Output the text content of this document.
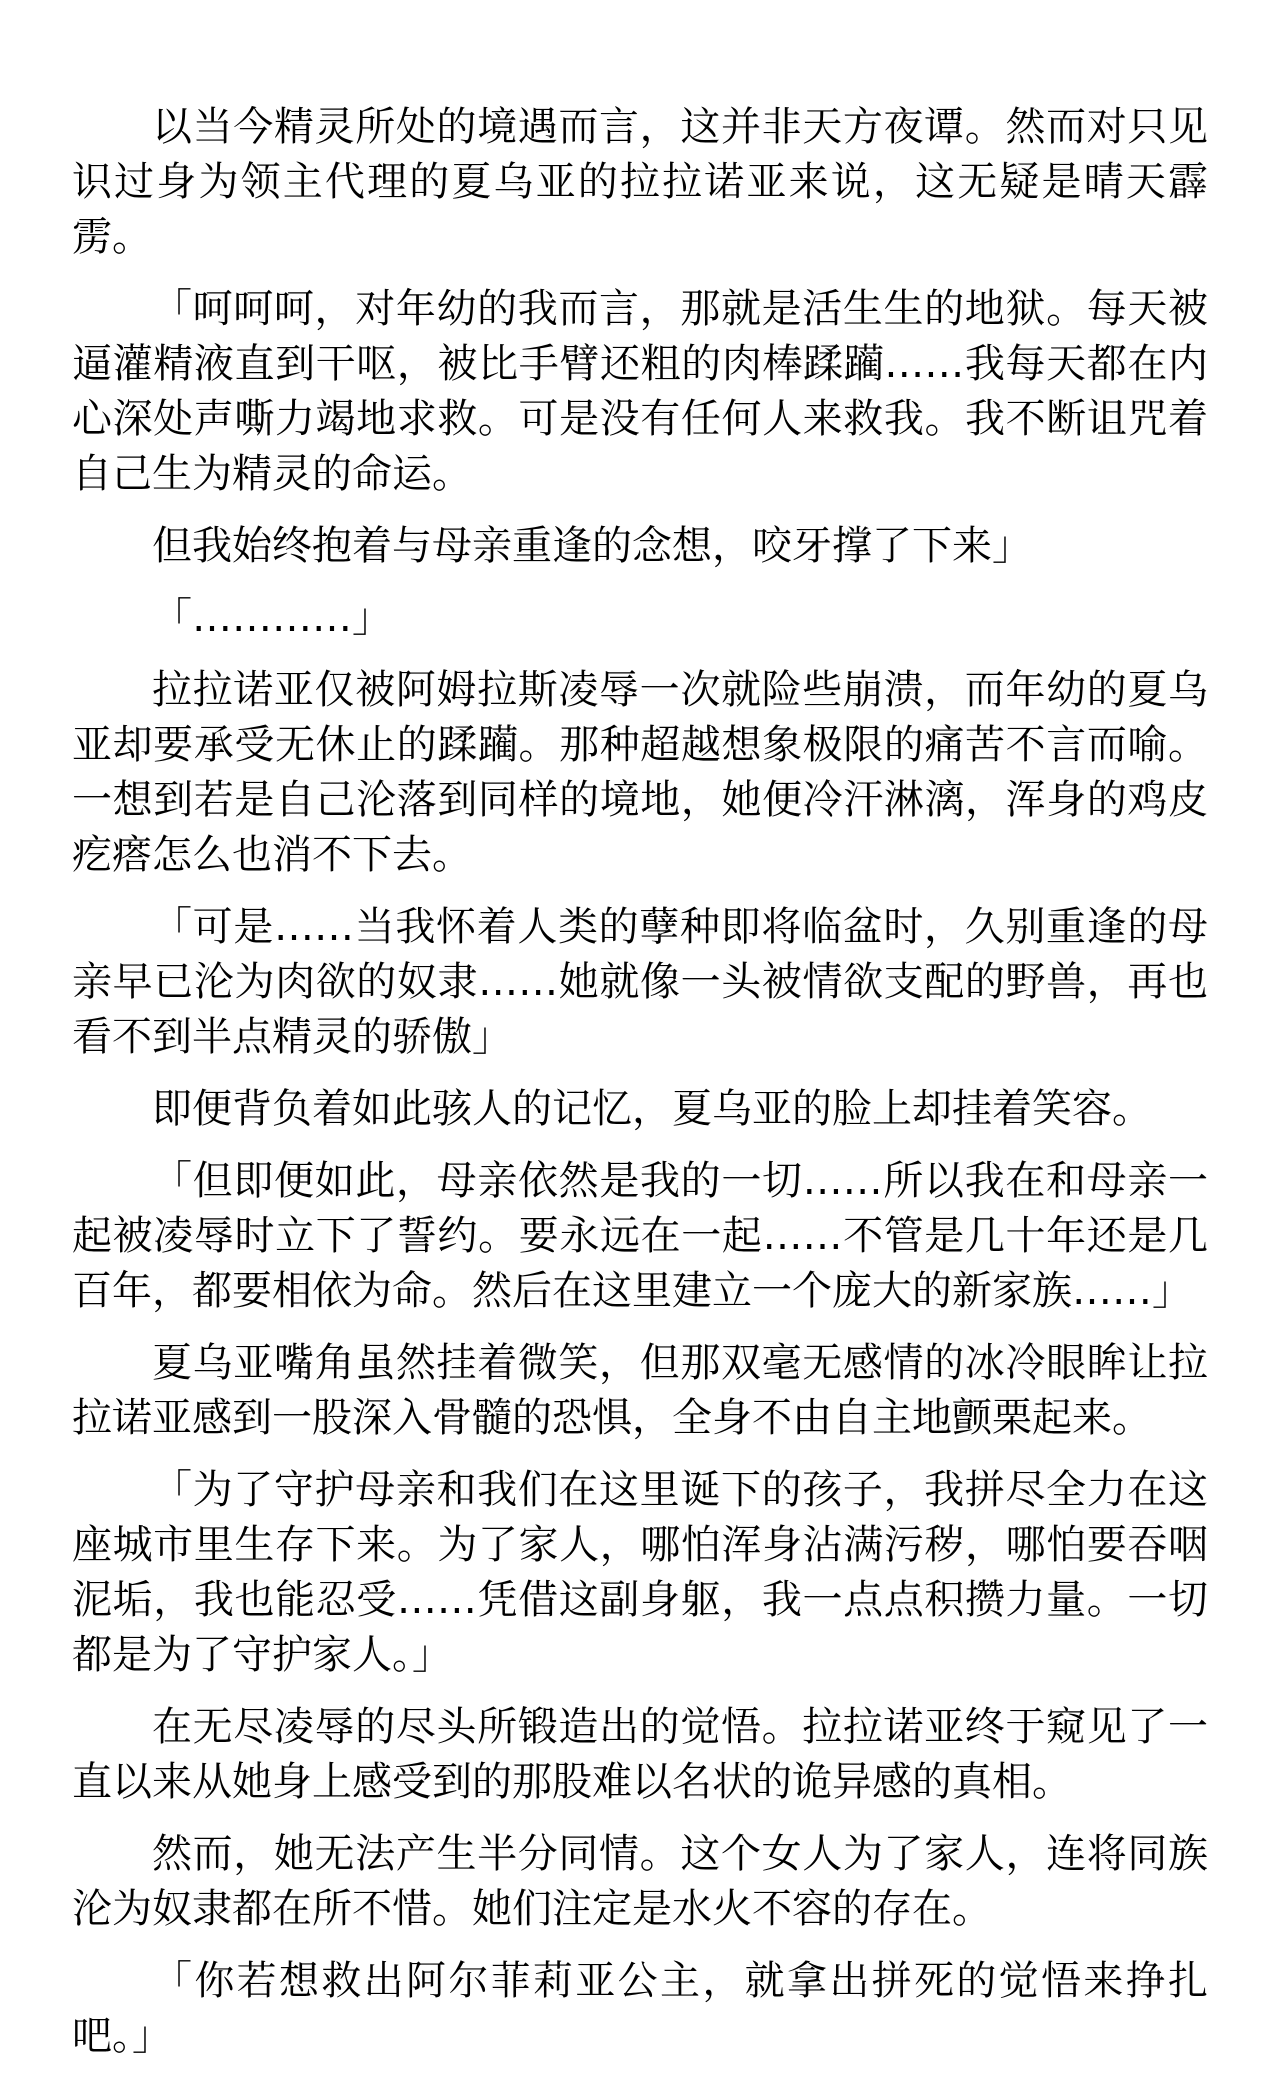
以当今精灵所处的境遇而言，这并非天方夜谭。然而对只见识过身为领主代理的夏乌亚的拉拉诺亚来说，这无疑是晴天霹雳。

「呵呵呵，对年幼的我而言，那就是活生生的地狱。每天被逼灌精液直到干呕，被比手臂还粗的肉棒蹂躏……我每天都在内心深处声嘶力竭地求救。可是没有任何人来救我。我不断诅咒着自己生为精灵的命运。

但我始终抱着与母亲重逢的念想，咬牙撑了下来」

「…………」

拉拉诺亚仅被阿姆拉斯凌辱一次就险些崩溃，而年幼的夏乌亚却要承受无休止的蹂躏。那种超越想象极限的痛苦不言而喻。一想到若是自己沦落到同样的境地，她便冷汗淋漓，浑身的鸡皮疙瘩怎么也消不下去。

「可是……当我怀着人类的孽种即将临盆时，久别重逢的母亲早已沦为肉欲的奴隶……她就像一头被情欲支配的野兽，再也看不到半点精灵的骄傲」

即便背负着如此骇人的记忆，夏乌亚的脸上却挂着笑容。

「但即便如此，母亲依然是我的一切……所以我在和母亲一起被凌辱时立下了誓约。要永远在一起……不管是几十年还是几百年，都要相依为命。然后在这里建立一个庞大的新家族……」

夏乌亚嘴角虽然挂着微笑，但那双毫无感情的冰冷眼眸让拉拉诺亚感到一股深入骨髓的恐惧，全身不由自主地颤栗起来。

「为了守护母亲和我们在这里诞下的孩子，我拼尽全力在这座城市里生存下来。为了家人，哪怕浑身沾满污秽，哪怕要吞咽泥垢，我也能忍受……凭借这副身躯，我一点点积攒力量。一切都是为了守护家人。」

在无尽凌辱的尽头所锻造出的觉悟。拉拉诺亚终于窥见了一直以来从她身上感受到的那股难以名状的诡异感的真相。

然而，她无法产生半分同情。这个女人为了家人，连将同族沦为奴隶都在所不惜。她们注定是水火不容的存在。

「你若想救出阿尔菲莉亚公主，就拿出拼死的觉悟来挣扎吧。」
